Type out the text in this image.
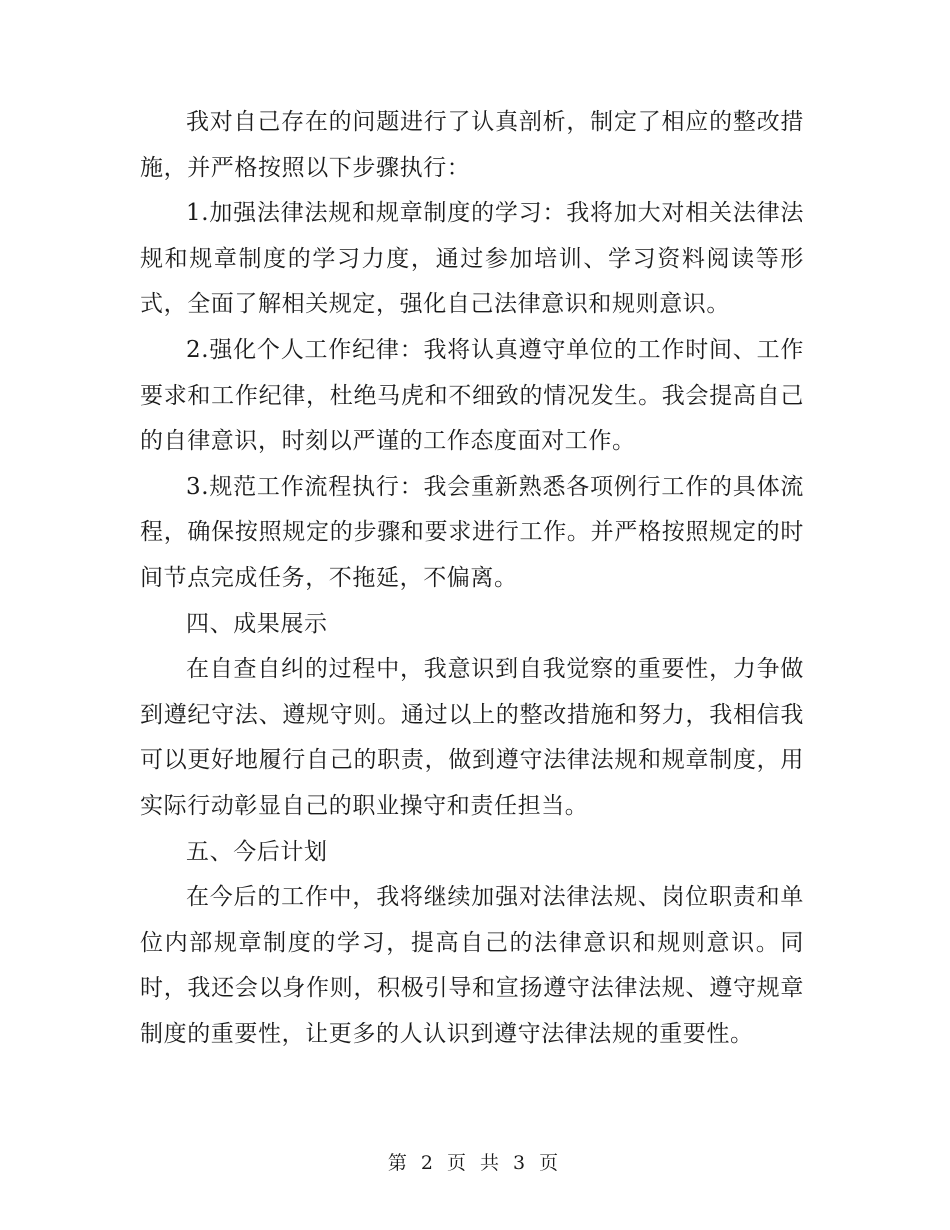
我对自己存在的问题进行了认真剖析，制定了相应的整改措施，并严格按照以下步骤执行：

1.加强法律法规和规章制度的学习：我将加大对相关法律法规和规章制度的学习力度，通过参加培训、学习资料阅读等形式，全面了解相关规定，强化自己法律意识和规则意识。

2.强化个人工作纪律：我将认真遵守单位的工作时间、工作要求和工作纪律，杜绝马虎和不细致的情况发生。我会提高自己的自律意识，时刻以严谨的工作态度面对工作。

3.规范工作流程执行：我会重新熟悉各项例行工作的具体流程，确保按照规定的步骤和要求进行工作。并严格按照规定的时间节点完成任务，不拖延，不偏离。

四、成果展示

在自查自纠的过程中，我意识到自我觉察的重要性，力争做到遵纪守法、遵规守则。通过以上的整改措施和努力，我相信我可以更好地履行自己的职责，做到遵守法律法规和规章制度，用实际行动彰显自己的职业操守和责任担当。

五、今后计划

在今后的工作中，我将继续加强对法律法规、岗位职责和单位内部规章制度的学习，提高自己的法律意识和规则意识。同时，我还会以身作则，积极引导和宣扬遵守法律法规、遵守规章制度的重要性，让更多的人认识到遵守法律法规的重要性。

第 2 页 共 3 页
